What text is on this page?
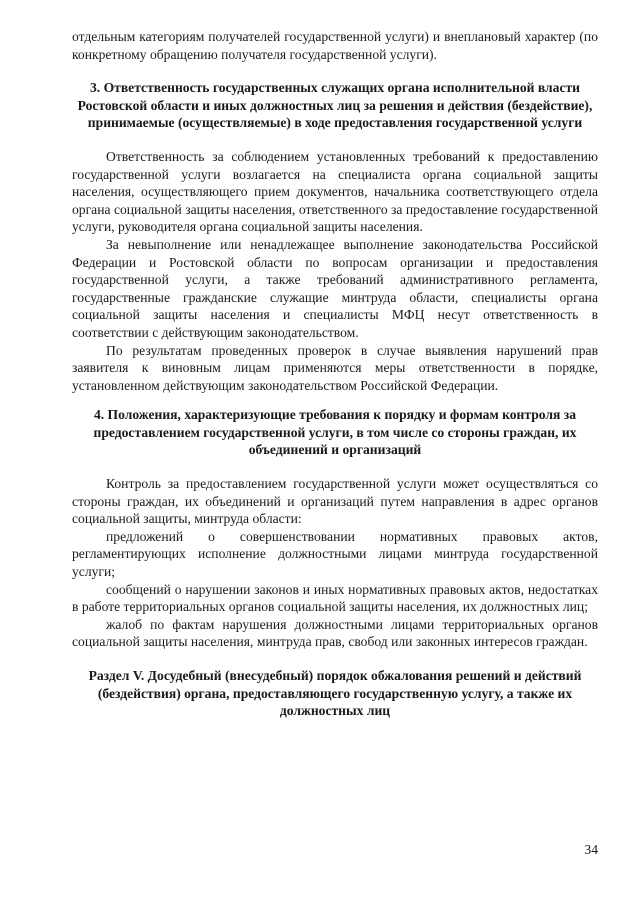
отдельным категориям получателей государственной услуги) и внеплановый характер (по конкретному обращению получателя государственной услуги).

3. Ответственность государственных служащих органа исполнительной власти Ростовской области и иных должностных лиц за решения и действия (бездействие), принимаемые (осуществляемые) в ходе предоставления государственной услуги

Ответственность за соблюдением установленных требований к предоставлению государственной услуги возлагается на специалиста органа социальной защиты населения, осуществляющего прием документов, начальника соответствующего отдела органа социальной защиты населения, ответственного за предоставление государственной услуги, руководителя органа социальной защиты населения.

За невыполнение или ненадлежащее выполнение законодательства Российской Федерации и Ростовской области по вопросам организации и предоставления государственной услуги, а также требований административного регламента, государственные гражданские служащие минтруда области, специалисты органа социальной защиты населения и специалисты МФЦ несут ответственность в соответствии с действующим законодательством.

По результатам проведенных проверок в случае выявления нарушений прав заявителя к виновным лицам применяются меры ответственности в порядке, установленном действующим законодательством Российской Федерации.

4. Положения, характеризующие требования к порядку и формам контроля за предоставлением государственной услуги, в том числе со стороны граждан, их объединений и организаций

Контроль за предоставлением государственной услуги может осуществляться со стороны граждан, их объединений и организаций путем направления в адрес органов социальной защиты, минтруда области:

предложений о совершенствовании нормативных правовых актов, регламентирующих исполнение должностными лицами минтруда государственной услуги;

сообщений о нарушении законов и иных нормативных правовых актов, недостатках в работе территориальных органов социальной защиты населения, их должностных лиц;

жалоб по фактам нарушения должностными лицами территориальных органов социальной защиты населения, минтруда прав, свобод или законных интересов граждан.

Раздел V. Досудебный (внесудебный) порядок обжалования решений и действий (бездействия) органа, предоставляющего государственную услугу, а также их должностных лиц
34
